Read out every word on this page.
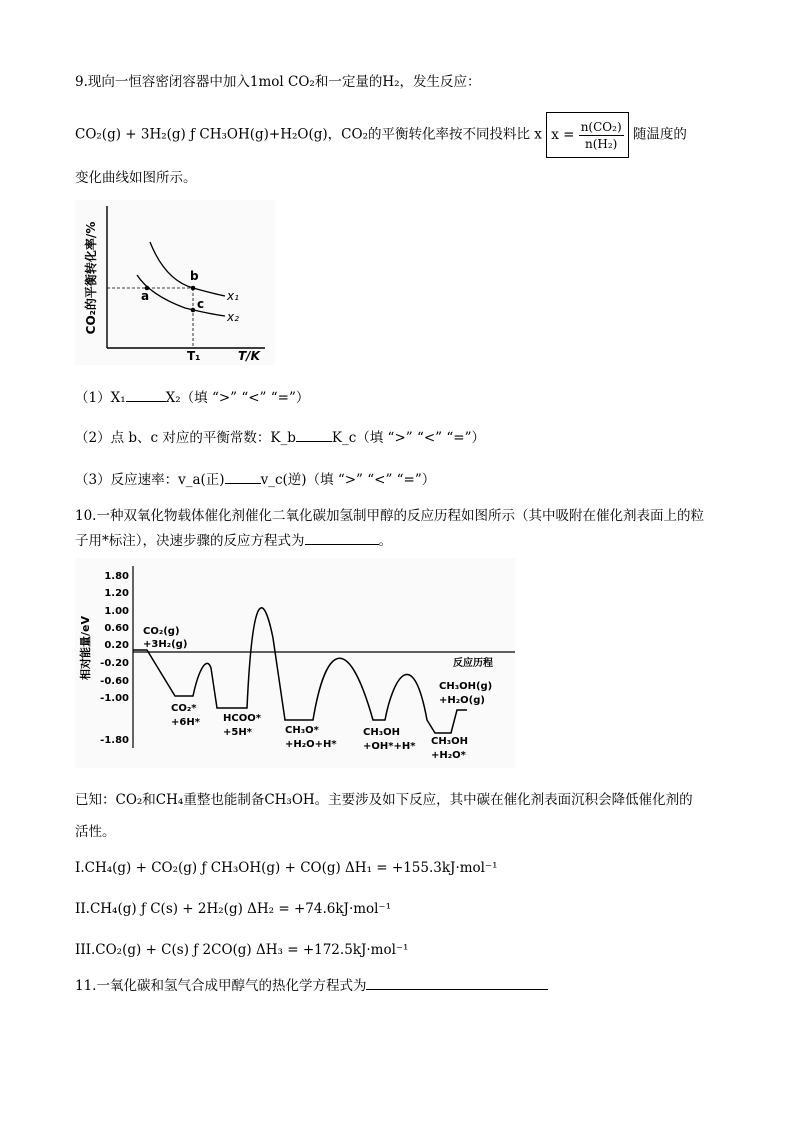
9.现向一恒容密闭容器中加入1mol CO₂和一定量的H₂，发生反应：
CO₂(g) + 3H₂(g) ƒ CH₃OH(g)+H₂O(g)，CO₂的平衡转化率按不同投料比 x $x = \frac{\text{n(CO₂)}}{\text{n(H₂)}}$ 随温度的
变化曲线如图所示。
CO₂的平衡转化率/%	a
b
c
x₁
x₂
T₁	T/K
（1）X₁	X₂（填 “>” “<” “=”）
（2）点 b、c 对应的平衡常数：K_b	K_c（填 “>” “<” “=”）
（3）反应速率：v_a(正)	v_c(逆)（填 “>” “<” “=”）
10.一种双氧化物载体催化剂催化二氧化碳加氢制甲醇的反应历程如图所示（其中吸附在催化剂表面上的粒
子用*标注），决速步骤的反应方程式为	。
相对能量/eV
1.80
1.20
1.00
0.60
0.20
-0.20
-0.60
-1.00
-1.80
CO₂(g)
+3H₂(g)
CO₂*
+6H* HCOO*
+5H*	CH₃O*
+H₂O+H*
CH₃OH
+OH*+H* CH₃OH
+H₂O*
CH₃OH(g)
+H₂O(g)
反应历程
已知：CO₂和CH₄重整也能制备CH₃OH。主要涉及如下反应，其中碳在催化剂表面沉积会降低催化剂的
活性。
I.CH₄(g) + CO₂(g) ƒ CH₃OH(g) + CO(g) ΔH₁ = +155.3kJ·mol⁻¹
II.CH₄(g) ƒ C(s) + 2H₂(g) ΔH₂ = +74.6kJ·mol⁻¹
III.CO₂(g) + C(s) ƒ 2CO(g) ΔH₃ = +172.5kJ·mol⁻¹
11.一氧化碳和氢气合成甲醇气的热化学方程式为
